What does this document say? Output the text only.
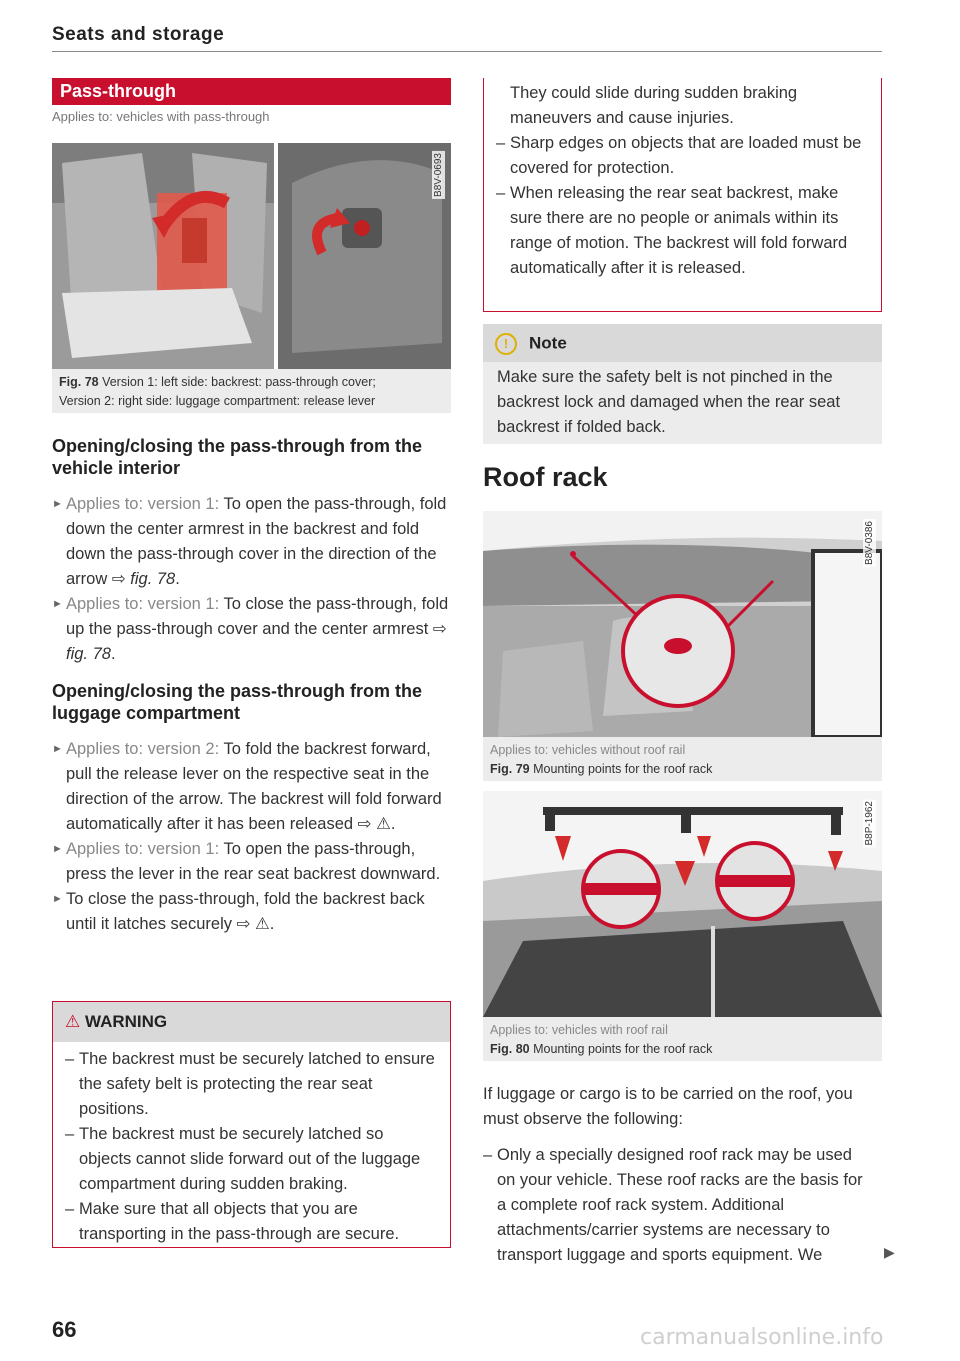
Seats and storage
Pass-through
Applies to: vehicles with pass-through
B8V-0693
Fig. 78 Version 1: left side: backrest: pass-through cover;
Version 2: right side: luggage compartment: release lever
Opening/closing the pass-through from the
vehicle interior
► Applies to: version 1: To open the pass-through, fold down the center armrest in the backrest and fold down the pass-through cover in the direction of the arrow ⇨ fig. 78.
► Applies to: version 1: To close the pass-through, fold up the pass-through cover and the center armrest ⇨ fig. 78.
Opening/closing the pass-through from the
luggage compartment
► Applies to: version 2: To fold the backrest forward, pull the release lever on the respective seat in the direction of the arrow. The backrest will fold forward automatically after it has been released ⇨ ⚠.
► Applies to: version 1: To open the pass-through, press the lever in the rear seat backrest downward.
► To close the pass-through, fold the backrest back until it latches securely ⇨ ⚠.
⚠ WARNING
– The backrest must be securely latched to ensure the safety belt is protecting the rear seat positions.
– The backrest must be securely latched so objects cannot slide forward out of the luggage compartment during sudden braking.
– Make sure that all objects that you are transporting in the pass-through are secure.
They could slide during sudden braking maneuvers and cause injuries.
– Sharp edges on objects that are loaded must be covered for protection.
– When releasing the rear seat backrest, make sure there are no people or animals within its range of motion. The backrest will fold forward automatically after it is released.
! Note
Make sure the safety belt is not pinched in the backrest lock and damaged when the rear seat backrest if folded back.
Roof rack
B8V-0386
Applies to: vehicles without roof rail
Fig. 79 Mounting points for the roof rack
B8P-1962
Applies to: vehicles with roof rail
Fig. 80 Mounting points for the roof rack
If luggage or cargo is to be carried on the roof, you must observe the following:
– Only a specially designed roof rack may be used on your vehicle. These roof racks are the basis for a complete roof rack system. Additional attachments/carrier systems are necessary to transport luggage and sports equipment. We	▶
66	carmanualsonline.info
